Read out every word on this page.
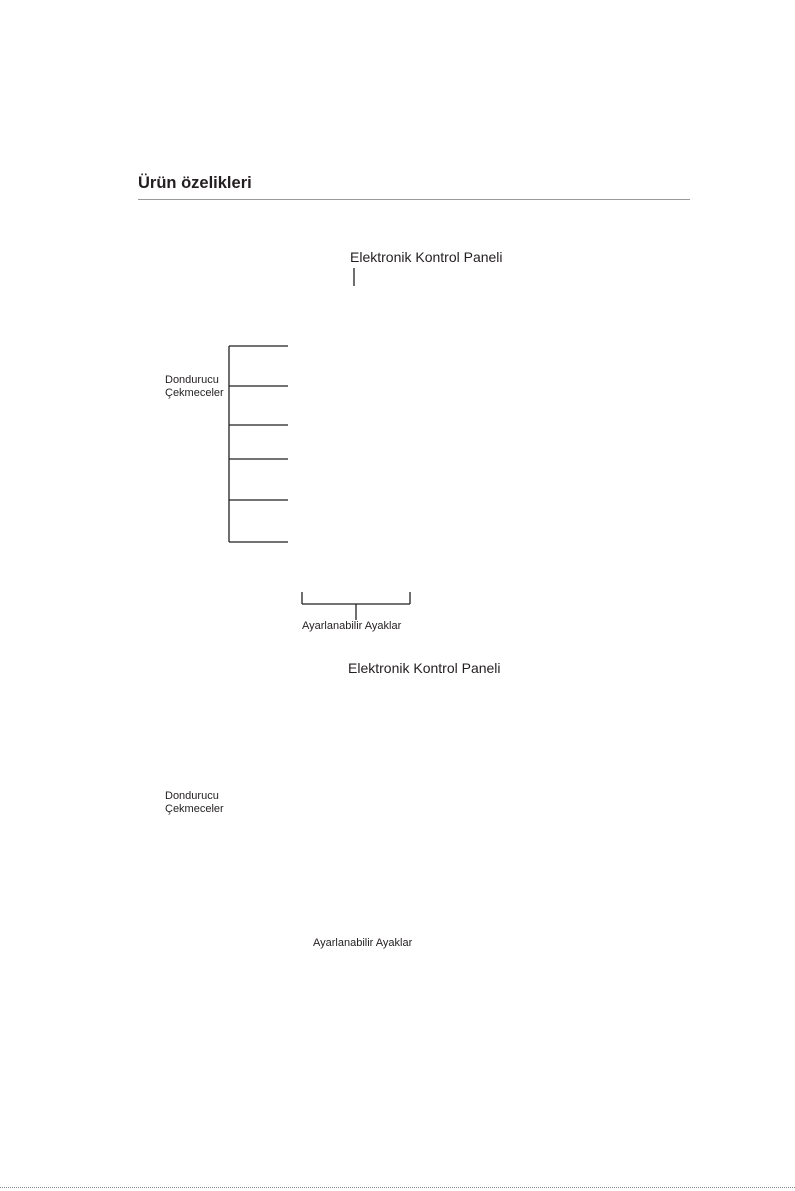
Ürün özelikleri
Elektronik Kontrol Paneli
Dondurucu
Çekmeceler
Ayarlanabilir Ayaklar
Elektronik Kontrol Paneli
Dondurucu
Çekmeceler
Ayarlanabilir Ayaklar
